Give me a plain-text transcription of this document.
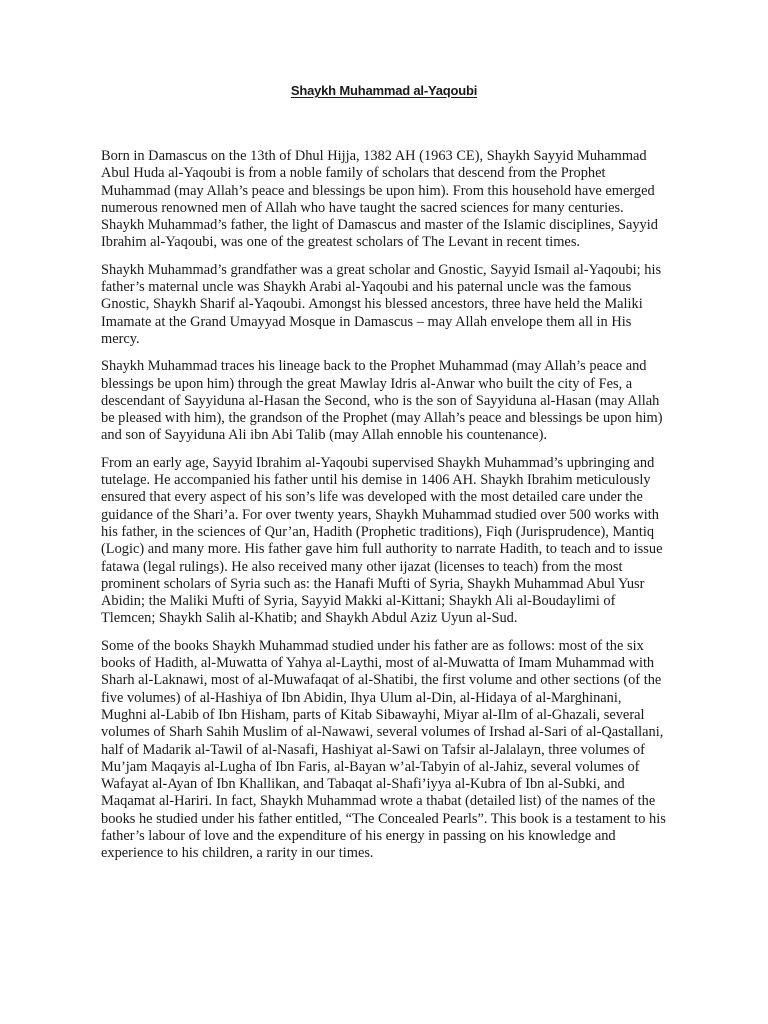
Shaykh Muhammad al-Yaqoubi

Born in Damascus on the 13th of Dhul Hijja, 1382 AH (1963 CE), Shaykh Sayyid Muhammad Abul Huda al-Yaqoubi is from a noble family of scholars that descend from the Prophet Muhammad (may Allah’s peace and blessings be upon him). From this household have emerged numerous renowned men of Allah who have taught the sacred sciences for many centuries. Shaykh Muhammad’s father, the light of Damascus and master of the Islamic disciplines, Sayyid Ibrahim al-Yaqoubi, was one of the greatest scholars of The Levant in recent times.

Shaykh Muhammad’s grandfather was a great scholar and Gnostic, Sayyid Ismail al-Yaqoubi; his father’s maternal uncle was Shaykh Arabi al-Yaqoubi and his paternal uncle was the famous Gnostic, Shaykh Sharif al-Yaqoubi. Amongst his blessed ancestors, three have held the Maliki Imamate at the Grand Umayyad Mosque in Damascus – may Allah envelope them all in His mercy.

Shaykh Muhammad traces his lineage back to the Prophet Muhammad (may Allah’s peace and blessings be upon him) through the great Mawlay Idris al-Anwar who built the city of Fes, a descendant of Sayyiduna al-Hasan the Second, who is the son of Sayyiduna al-Hasan (may Allah be pleased with him), the grandson of the Prophet (may Allah’s peace and blessings be upon him) and son of Sayyiduna Ali ibn Abi Talib (may Allah ennoble his countenance).

From an early age, Sayyid Ibrahim al-Yaqoubi supervised Shaykh Muhammad’s upbringing and tutelage. He accompanied his father until his demise in 1406 AH. Shaykh Ibrahim meticulously ensured that every aspect of his son’s life was developed with the most detailed care under the guidance of the Shari’a. For over twenty years, Shaykh Muhammad studied over 500 works with his father, in the sciences of Qur’an, Hadith (Prophetic traditions), Fiqh (Jurisprudence), Mantiq (Logic) and many more. His father gave him full authority to narrate Hadith, to teach and to issue fatawa (legal rulings). He also received many other ijazat (licenses to teach) from the most prominent scholars of Syria such as: the Hanafi Mufti of Syria, Shaykh Muhammad Abul Yusr Abidin; the Maliki Mufti of Syria, Sayyid Makki al-Kittani; Shaykh Ali al-Boudaylimi of Tlemcen; Shaykh Salih al-Khatib; and Shaykh Abdul Aziz Uyun al-Sud.

Some of the books Shaykh Muhammad studied under his father are as follows: most of the six books of Hadith, al-Muwatta of Yahya al-Laythi, most of al-Muwatta of Imam Muhammad with Sharh al-Laknawi, most of al-Muwafaqat of al-Shatibi, the first volume and other sections (of the five volumes) of al-Hashiya of Ibn Abidin, Ihya Ulum al-Din, al-Hidaya of al-Marghinani, Mughni al-Labib of Ibn Hisham, parts of Kitab Sibawayhi, Miyar al-Ilm of al-Ghazali, several volumes of Sharh Sahih Muslim of al-Nawawi, several volumes of Irshad al-Sari of al-Qastallani, half of Madarik al-Tawil of al-Nasafi, Hashiyat al-Sawi on Tafsir al-Jalalayn, three volumes of Mu’jam Maqayis al-Lugha of Ibn Faris, al-Bayan w’al-Tabyin of al-Jahiz, several volumes of Wafayat al-Ayan of Ibn Khallikan, and Tabaqat al-Shafi’iyya al-Kubra of Ibn al-Subki, and Maqamat al-Hariri. In fact, Shaykh Muhammad wrote a thabat (detailed list) of the names of the books he studied under his father entitled, “The Concealed Pearls”. This book is a testament to his father’s labour of love and the expenditure of his energy in passing on his knowledge and experience to his children, a rarity in our times.
